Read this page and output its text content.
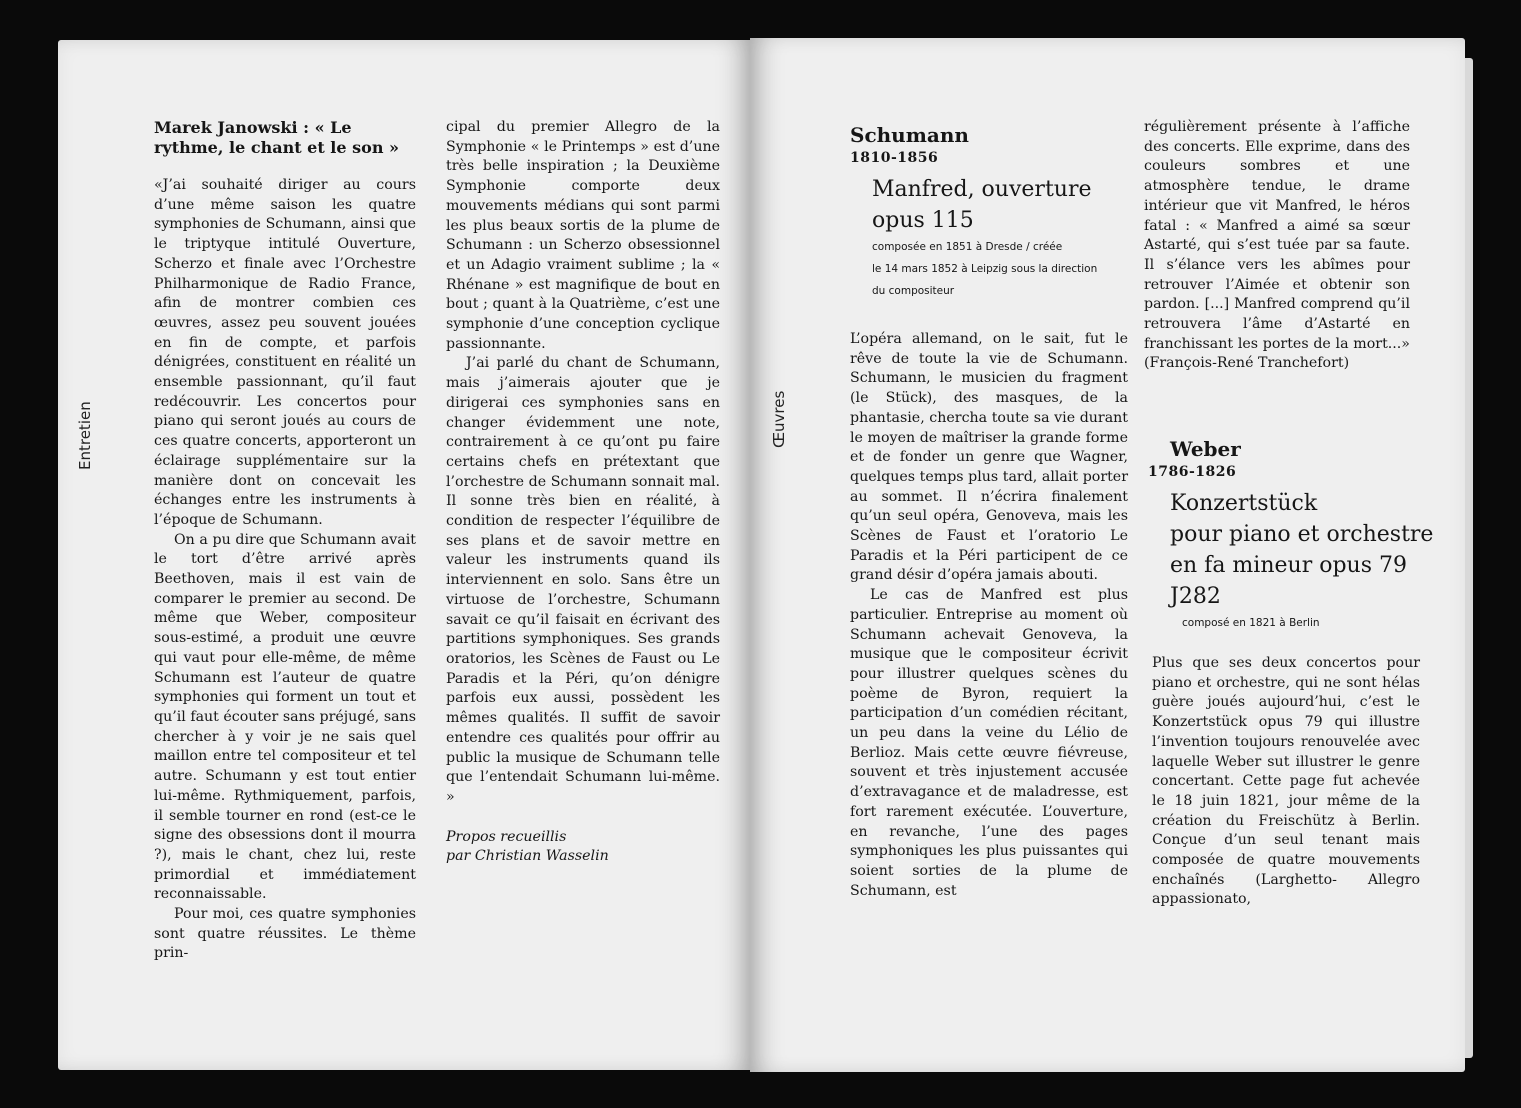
Entretien
Marek Janowski : « Le rythme, le chant et le son »

«J’ai souhaité diriger au cours d’une même saison les quatre symphonies de Schumann, ainsi que le triptyque intitulé Ouverture, Scherzo et finale avec l’Orchestre Philharmonique de Radio France, afin de montrer combien ces œuvres, assez peu souvent jouées en fin de compte, et parfois dénigrées, constituent en réalité un ensemble passionnant, qu’il faut redécouvrir. Les concertos pour piano qui seront joués au cours de ces quatre concerts, apporteront un éclairage supplémentaire sur la manière dont on concevait les échanges entre les instruments à l’époque de Schumann.

On a pu dire que Schumann avait le tort d’être arrivé après Beethoven, mais il est vain de comparer le premier au second. De même que Weber, compositeur sous-estimé, a produit une œuvre qui vaut pour elle-même, de même Schumann est l’auteur de quatre symphonies qui forment un tout et qu’il faut écouter sans préjugé, sans chercher à y voir je ne sais quel maillon entre tel compositeur et tel autre. Schumann y est tout entier lui-même. Rythmiquement, parfois, il semble tourner en rond (est-ce le signe des obsessions dont il mourra ?), mais le chant, chez lui, reste primordial et immédiatement reconnaissable.

Pour moi, ces quatre symphonies sont quatre réussites. Le thème prin-

cipal du premier Allegro de la Symphonie « le Printemps » est d’une très belle inspiration ; la Deuxième Symphonie comporte deux mouvements médians qui sont parmi les plus beaux sortis de la plume de Schumann : un Scherzo obsessionnel et un Adagio vraiment sublime ; la « Rhénane » est magnifique de bout en bout ; quant à la Quatrième, c’est une symphonie d’une conception cyclique passionnante.

J’ai parlé du chant de Schumann, mais j’aimerais ajouter que je dirigerai ces symphonies sans en changer évidemment une note, contrairement à ce qu’ont pu faire certains chefs en prétextant que l’orchestre de Schumann sonnait mal. Il sonne très bien en réalité, à condition de respecter l’équilibre de ses plans et de savoir mettre en valeur les instruments quand ils interviennent en solo. Sans être un virtuose de l’orchestre, Schumann savait ce qu’il faisait en écrivant des partitions symphoniques. Ses grands oratorios, les Scènes de Faust ou Le Paradis et la Péri, qu’on dénigre parfois eux aussi, possèdent les mêmes qualités. Il suffit de savoir entendre ces qualités pour offrir au public la musique de Schumann telle que l’entendait Schumann lui-même. »

Propos recueillis
par Christian Wasselin
Œuvres
Schumann
1810-1856
Manfred, ouverture
opus 115
composée en 1851 à Dresde / créée
le 14 mars 1852 à Leipzig sous la direction
du compositeur

L’opéra allemand, on le sait, fut le rêve de toute la vie de Schumann. Schumann, le musicien du fragment (le Stück), des masques, de la phantasie, chercha toute sa vie durant le moyen de maîtriser la grande forme et de fonder un genre que Wagner, quelques temps plus tard, allait porter au sommet. Il n’écrira finalement qu’un seul opéra, Genoveva, mais les Scènes de Faust et l’oratorio Le Paradis et la Péri participent de ce grand désir d’opéra jamais abouti.

Le cas de Manfred est plus particulier. Entreprise au moment où Schumann achevait Genoveva, la musique que le compositeur écrivit pour illustrer quelques scènes du poème de Byron, requiert la participation d’un comédien récitant, un peu dans la veine du Lélio de Berlioz. Mais cette œuvre fiévreuse, souvent et très injustement accusée d’extravagance et de maladresse, est fort rarement exécutée. L’ouverture, en revanche, l’une des pages symphoniques les plus puissantes qui soient sorties de la plume de Schumann, est

régulièrement présente à l’affiche des concerts. Elle exprime, dans des couleurs sombres et une atmosphère tendue, le drame intérieur que vit Manfred, le héros fatal : « Manfred a aimé sa sœur Astarté, qui s’est tuée par sa faute. Il s’élance vers les abîmes pour retrouver l’Aimée et obtenir son pardon. [...] Manfred comprend qu’il retrouvera l’âme d’Astarté en franchissant les portes de la mort...» (François-René Tranchefort)

Weber
1786-1826
Konzertstück
pour piano et orchestre
en fa mineur opus 79
J282
composé en 1821 à Berlin

Plus que ses deux concertos pour piano et orchestre, qui ne sont hélas guère joués aujourd’hui, c’est le Konzertstück opus 79 qui illustre l’invention toujours renouvelée avec laquelle Weber sut illustrer le genre concertant. Cette page fut achevée le 18 juin 1821, jour même de la création du Freischütz à Berlin. Conçue d’un seul tenant mais composée de quatre mouvements enchaînés (Larghetto- Allegro appassionato,
